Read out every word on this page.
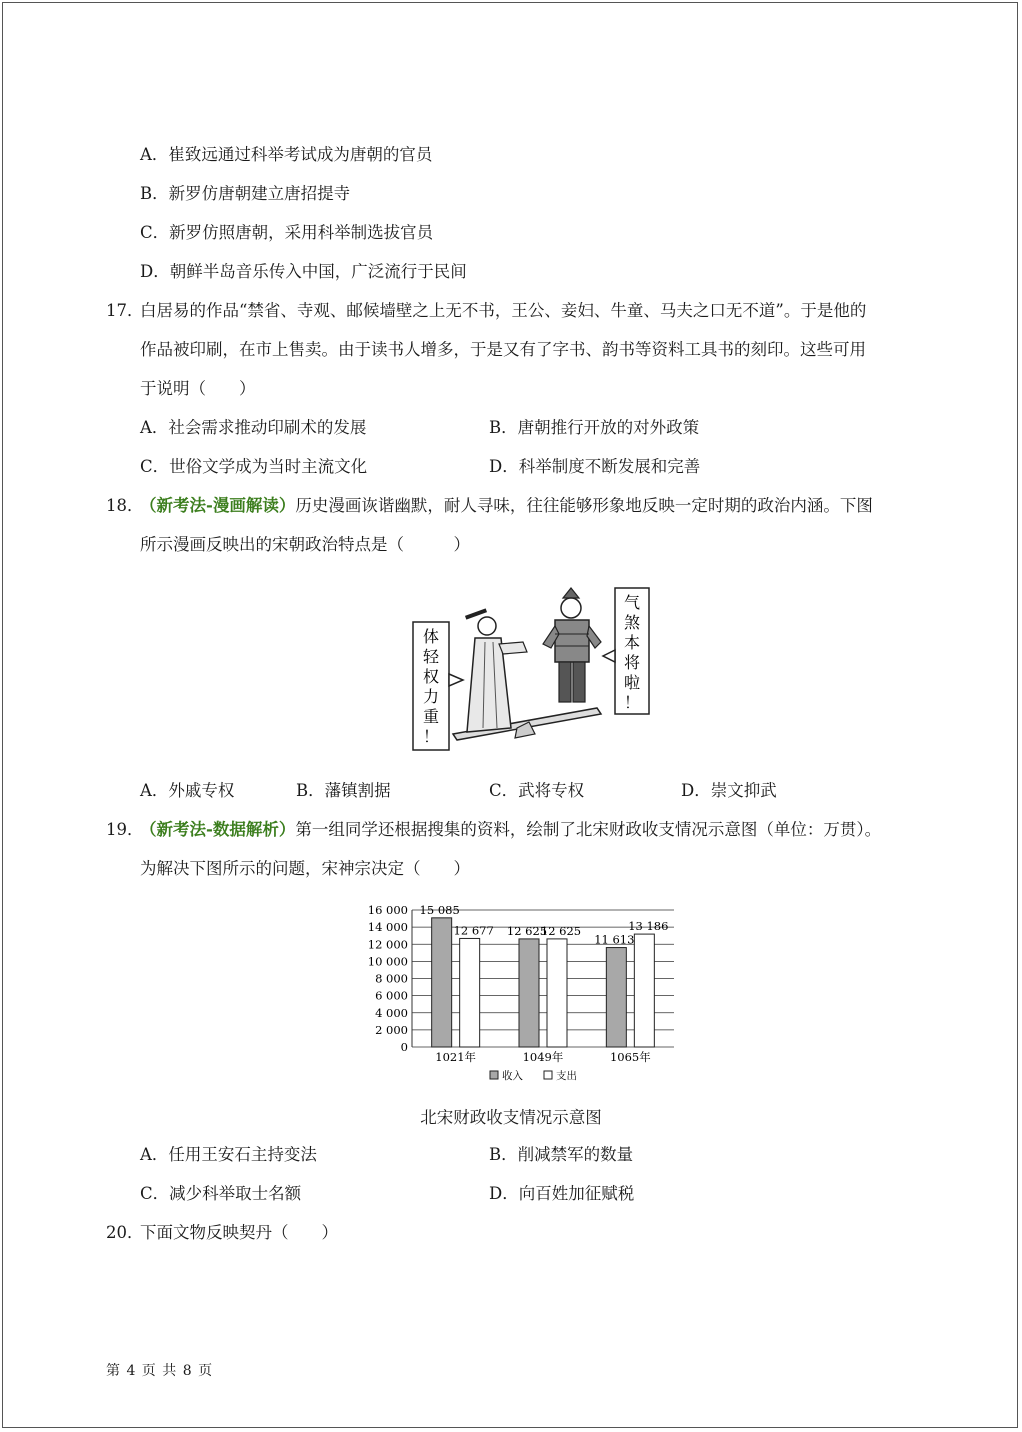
A．崔致远通过科举考试成为唐朝的官员
B．新罗仿唐朝建立唐招提寺
C．新罗仿照唐朝，采用科举制选拔官员
D．朝鲜半岛音乐传入中国，广泛流行于民间
17．
白居易的作品“禁省、寺观、邮候墙壁之上无不书，王公、妾妇、牛童、马夫之口无不道”。于是他的
作品被印刷，在市上售卖。由于读书人增多，于是又有了字书、韵书等资料工具书的刻印。这些可用
于说明（　　）
A．社会需求推动印刷术的发展	B．唐朝推行开放的对外政策
C．世俗文学成为当时主流文化	D．科举制度不断发展和完善
18．
（新考法-漫画解读）历史漫画诙谐幽默，耐人寻味，往往能够形象地反映一定时期的政治内涵。下图
所示漫画反映出的宋朝政治特点是（　　　）
体
轻
权
力
重
！
气
煞
本
将
啦
！
A．外戚专权	B．藩镇割据	C．武将专权	D．崇文抑武
19．
（新考法-数据解析）第一组同学还根据搜集的资料，绘制了北宋财政收支情况示意图（单位：万贯）。
为解决下图所示的问题，宋神宗决定（　　）
0
2 000
4 000
6 000
8 000
10 000
12 000
14 000
16 000 15 085
12 677
1021年
12 625
12 625
1049年
11 613
13 186
1065年
收入	支出
北宋财政收支情况示意图
A．任用王安石主持变法	B．削减禁军的数量
C．减少科举取士名额	D．向百姓加征赋税
20．
下面文物反映契丹（　　）
第 4 页 共 8 页
